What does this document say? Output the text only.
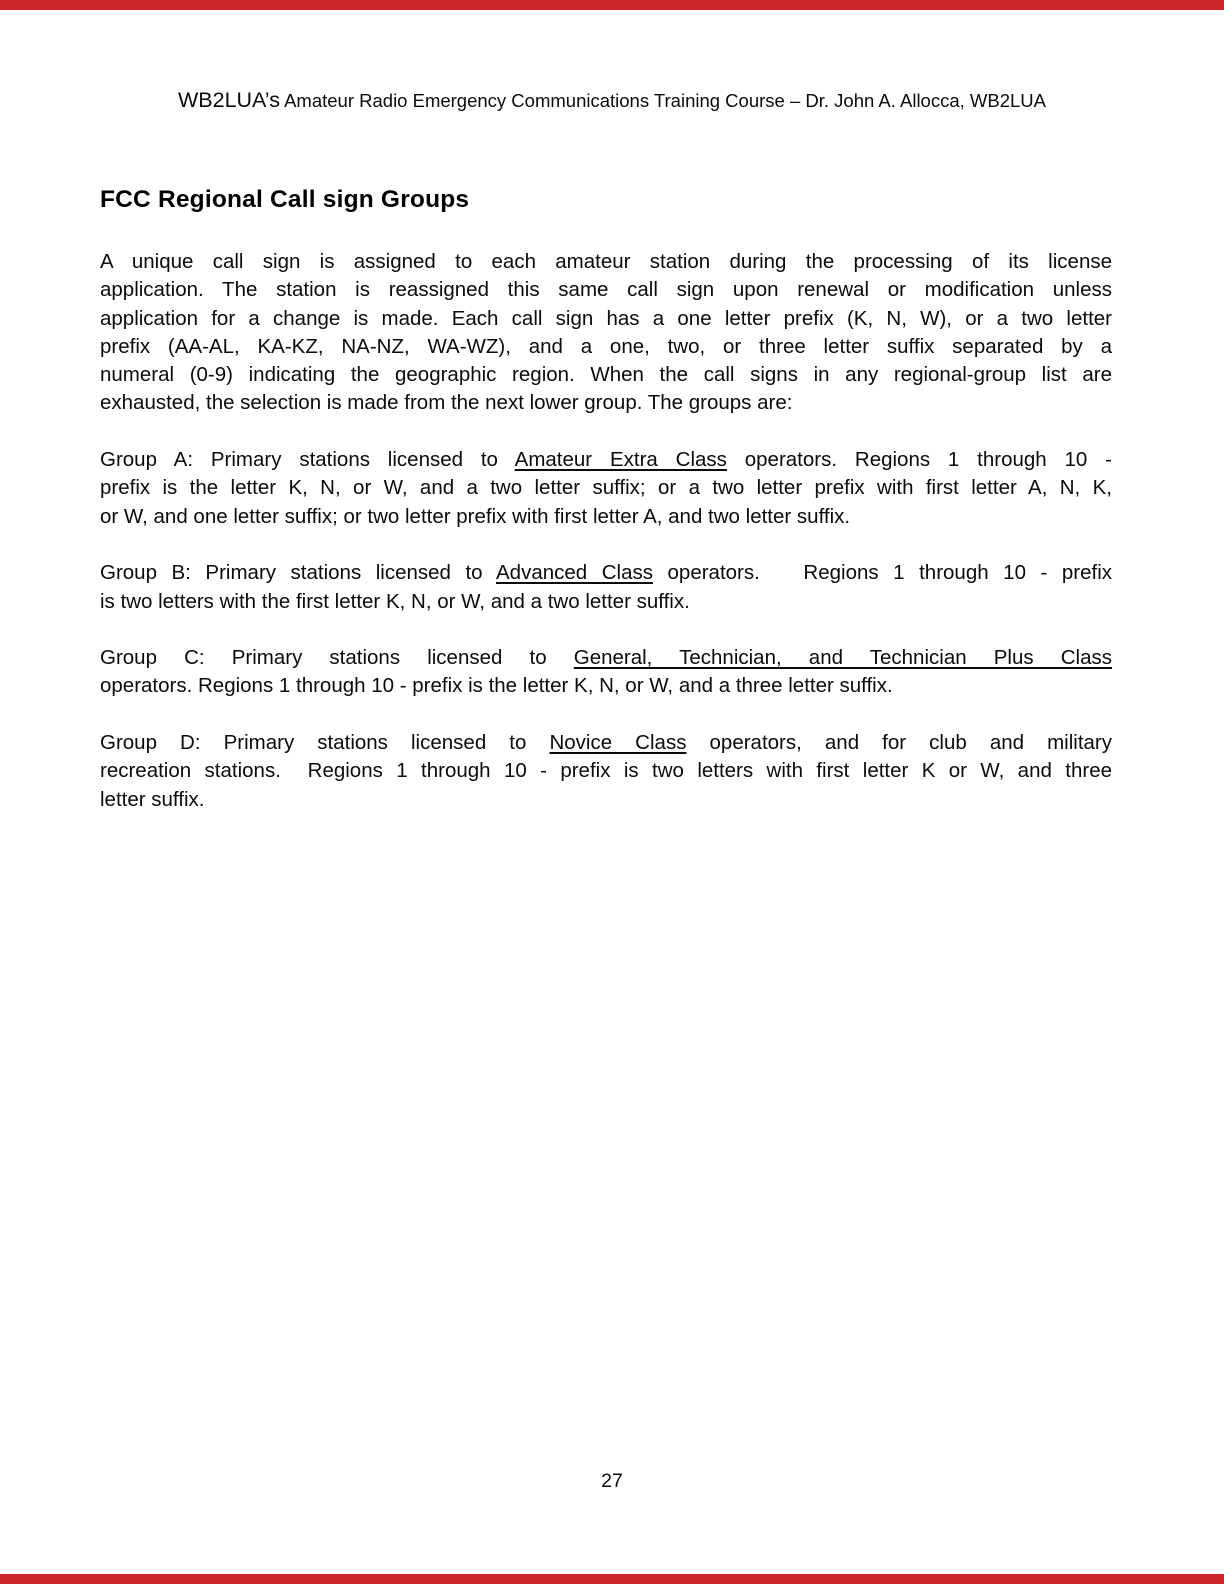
WB2LUA’s Amateur Radio Emergency Communications Training Course – Dr. John A. Allocca, WB2LUA
FCC Regional Call sign Groups

A unique call sign is assigned to each amateur station during the processing of its license
application. The station is reassigned this same call sign upon renewal or modification unless
application for a change is made. Each call sign has a one letter prefix (K, N, W), or a two letter
prefix (AA-AL, KA-KZ, NA-NZ, WA-WZ), and a one, two, or three letter suffix separated by a
numeral (0-9) indicating the geographic region. When the call signs in any regional-group list are
exhausted, the selection is made from the next lower group. The groups are:

Group A: Primary stations licensed to Amateur Extra Class operators. Regions 1 through 10 -
prefix is the letter K, N, or W, and a two letter suffix; or a two letter prefix with first letter A, N, K,
or W, and one letter suffix; or two letter prefix with first letter A, and two letter suffix.

Group B: Primary stations licensed to Advanced Class operators.   Regions 1 through 10 - prefix
is two letters with the first letter K, N, or W, and a two letter suffix.

Group C: Primary stations licensed to General, Technician, and Technician Plus Class
operators. Regions 1 through 10 - prefix is the letter K, N, or W, and a three letter suffix.

Group D: Primary stations licensed to Novice Class operators, and for club and military
recreation stations.  Regions 1 through 10 - prefix is two letters with first letter K or W, and three
letter suffix.

27
